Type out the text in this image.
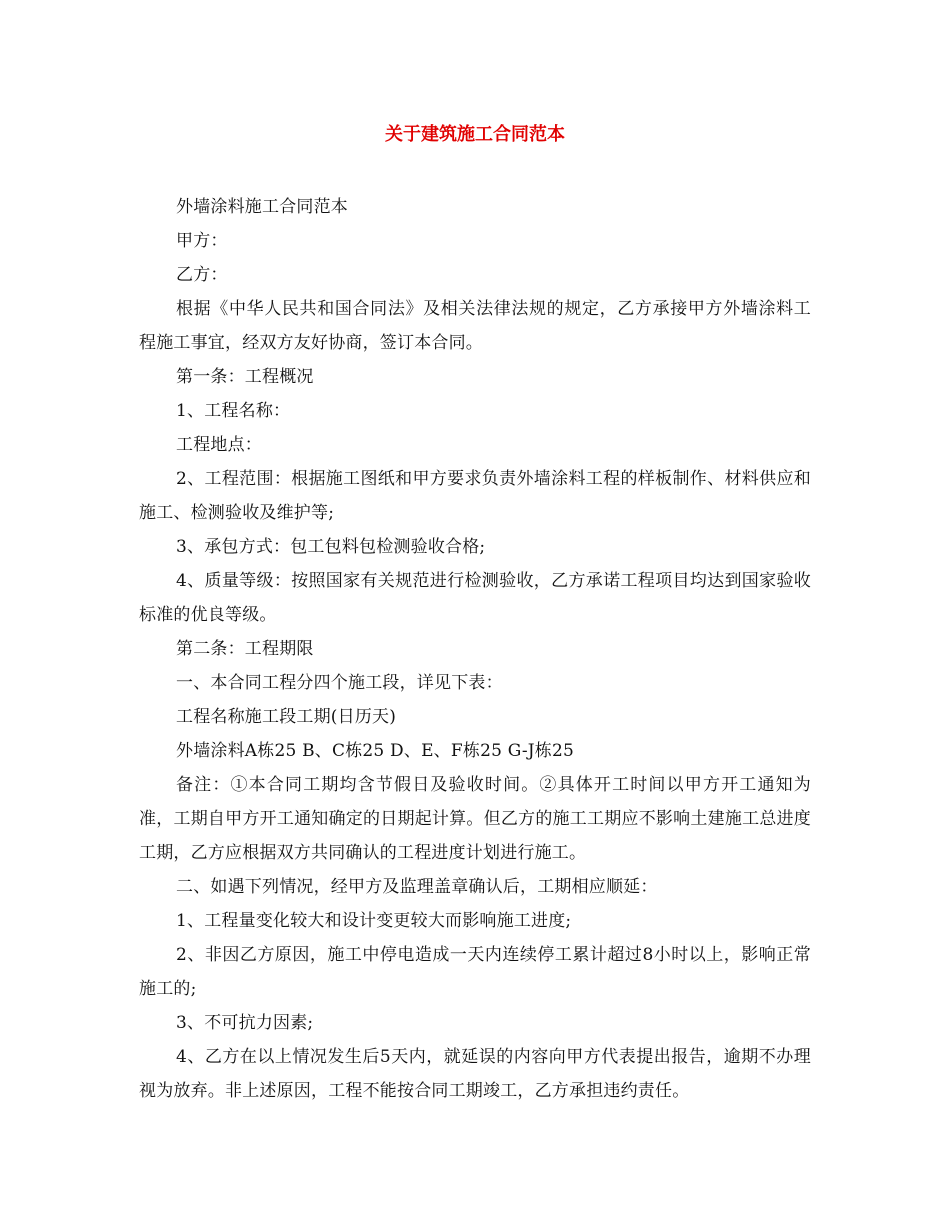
关于建筑施工合同范本

外墙涂料施工合同范本

甲方：

乙方：

根据《中华人民共和国合同法》及相关法律法规的规定，乙方承接甲方外墙涂料工程施工事宜，经双方友好协商，签订本合同。

第一条：工程概况

1、工程名称：

工程地点：

2、工程范围：根据施工图纸和甲方要求负责外墙涂料工程的样板制作、材料供应和施工、检测验收及维护等;

3、承包方式：包工包料包检测验收合格;

4、质量等级：按照国家有关规范进行检测验收，乙方承诺工程项目均达到国家验收标准的优良等级。

第二条：工程期限

一、本合同工程分四个施工段，详见下表：

工程名称施工段工期(日历天)

外墙涂料A栋25 B、C栋25 D、E、F栋25 G-J栋25

备注：①本合同工期均含节假日及验收时间。②具体开工时间以甲方开工通知为准，工期自甲方开工通知确定的日期起计算。但乙方的施工工期应不影响土建施工总进度工期，乙方应根据双方共同确认的工程进度计划进行施工。

二、如遇下列情况，经甲方及监理盖章确认后，工期相应顺延：

1、工程量变化较大和设计变更较大而影响施工进度;

2、非因乙方原因，施工中停电造成一天内连续停工累计超过8小时以上，影响正常施工的;

3、不可抗力因素;

4、乙方在以上情况发生后5天内，就延误的内容向甲方代表提出报告，逾期不办理视为放弃。非上述原因，工程不能按合同工期竣工，乙方承担违约责任。
